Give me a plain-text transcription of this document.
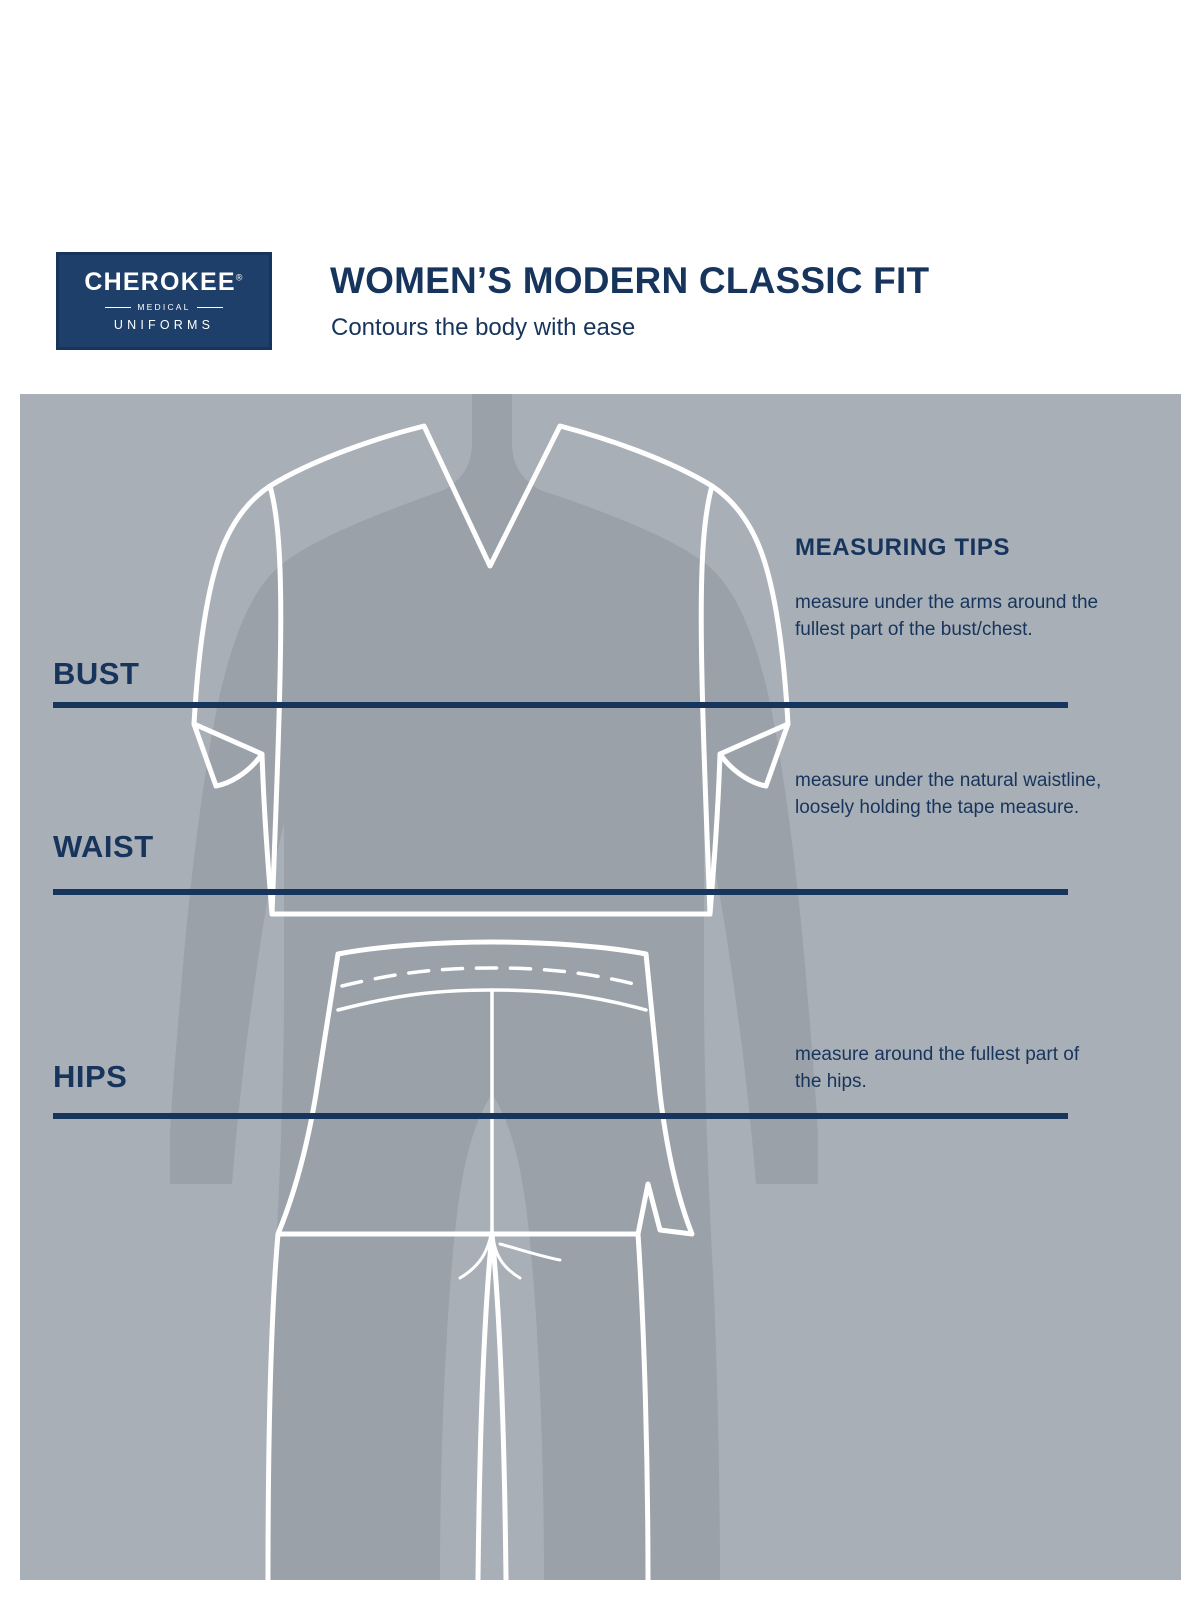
CHEROKEE®
MEDICAL
UNIFORMS
WOMEN’S MODERN CLASSIC FIT
Contours the body with ease
BUST
WAIST
HIPS
MEASURING TIPS
measure under the arms around the fullest part of the bust/chest.
measure under the natural waistline, loosely holding the tape measure.
measure around the fullest part of the hips.
